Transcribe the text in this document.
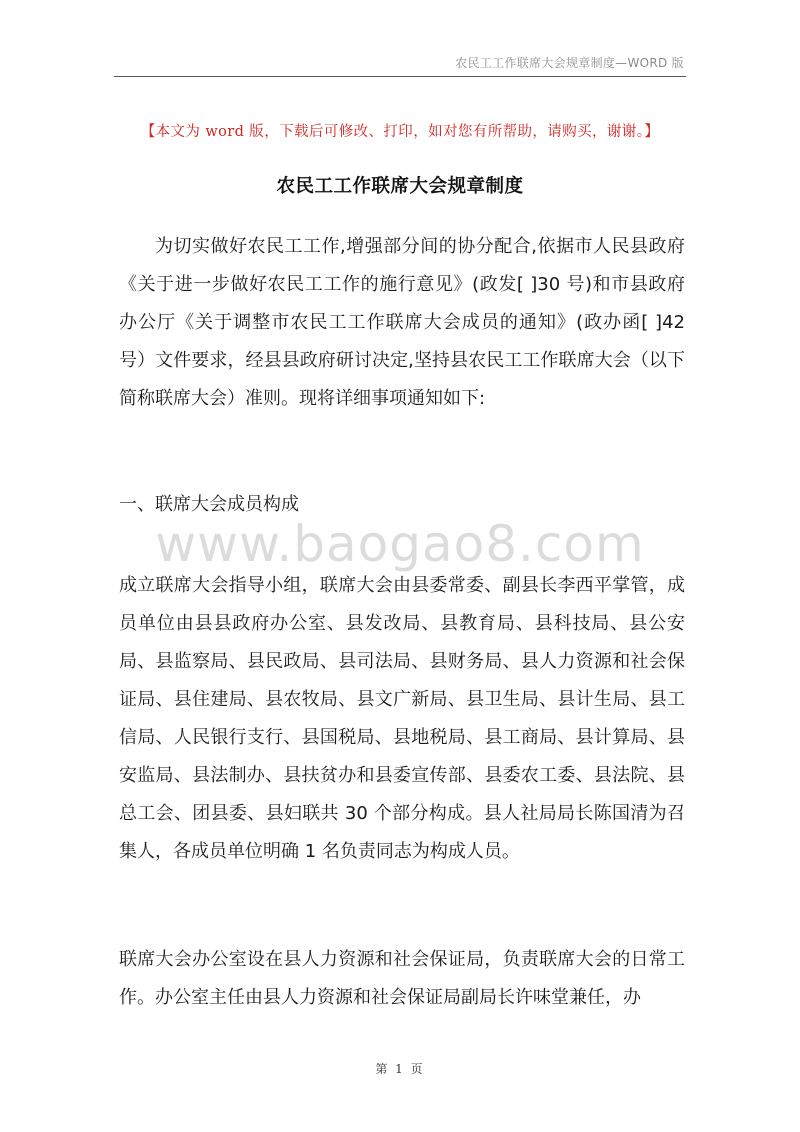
农民工工作联席大会规章制度—WORD 版
【本文为 word 版，下载后可修改、打印，如对您有所帮助，请购买，谢谢。】
农民工工作联席大会规章制度

为切实做好农民工工作,增强部分间的协分配合,依据市人民县政府《关于进一步做好农民工工作的施行意见》(政发[ ]30 号)和市县政府办公厅《关于调整市农民工工作联席大会成员的通知》(政办函[ ]42 号）文件要求，经县县政府研讨决定,坚持县农民工工作联席大会（以下简称联席大会）准则。现将详细事项通知如下:

一、联席大会成员构成

www.baogao8.com

成立联席大会指导小组，联席大会由县委常委、副县长李西平掌管，成员单位由县县政府办公室、县发改局、县教育局、县科技局、县公安局、县监察局、县民政局、县司法局、县财务局、县人力资源和社会保证局、县住建局、县农牧局、县文广新局、县卫生局、县计生局、县工信局、人民银行支行、县国税局、县地税局、县工商局、县计算局、县安监局、县法制办、县扶贫办和县委宣传部、县委农工委、县法院、县总工会、团县委、县妇联共 30 个部分构成。县人社局局长陈国清为召集人，各成员单位明确 1 名负责同志为构成人员。

联席大会办公室设在县人力资源和社会保证局，负责联席大会的日常工作。办公室主任由县人力资源和社会保证局副局长许味堂兼任，办

第 1 页
